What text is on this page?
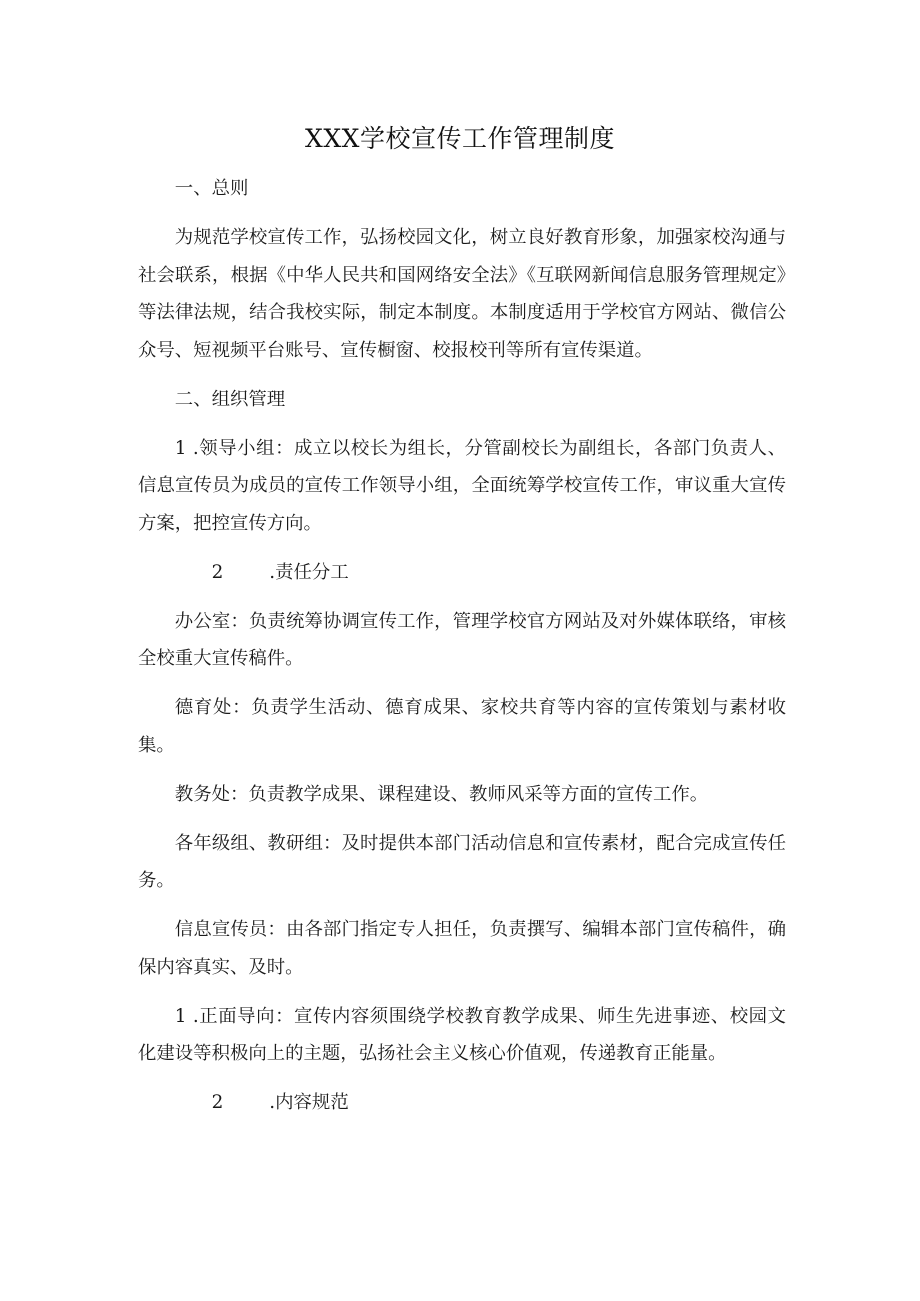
XXX学校宣传工作管理制度

一、总则

为规范学校宣传工作，弘扬校园文化，树立良好教育形象，加强家校沟通与社会联系，根据《中华人民共和国网络安全法》《互联网新闻信息服务管理规定》等法律法规，结合我校实际，制定本制度。本制度适用于学校官方网站、微信公众号、短视频平台账号、宣传橱窗、校报校刊等所有宣传渠道。

二、组织管理

1 .领导小组：成立以校长为组长，分管副校长为副组长，各部门负责人、信息宣传员为成员的宣传工作领导小组，全面统筹学校宣传工作，审议重大宣传方案，把控宣传方向。

2	.责任分工

办公室：负责统筹协调宣传工作，管理学校官方网站及对外媒体联络，审核全校重大宣传稿件。

德育处：负责学生活动、德育成果、家校共育等内容的宣传策划与素材收集。

教务处：负责教学成果、课程建设、教师风采等方面的宣传工作。

各年级组、教研组：及时提供本部门活动信息和宣传素材，配合完成宣传任务。

信息宣传员：由各部门指定专人担任，负责撰写、编辑本部门宣传稿件，确保内容真实、及时。

1 .正面导向：宣传内容须围绕学校教育教学成果、师生先进事迹、校园文化建设等积极向上的主题，弘扬社会主义核心价值观，传递教育正能量。

2	.内容规范
